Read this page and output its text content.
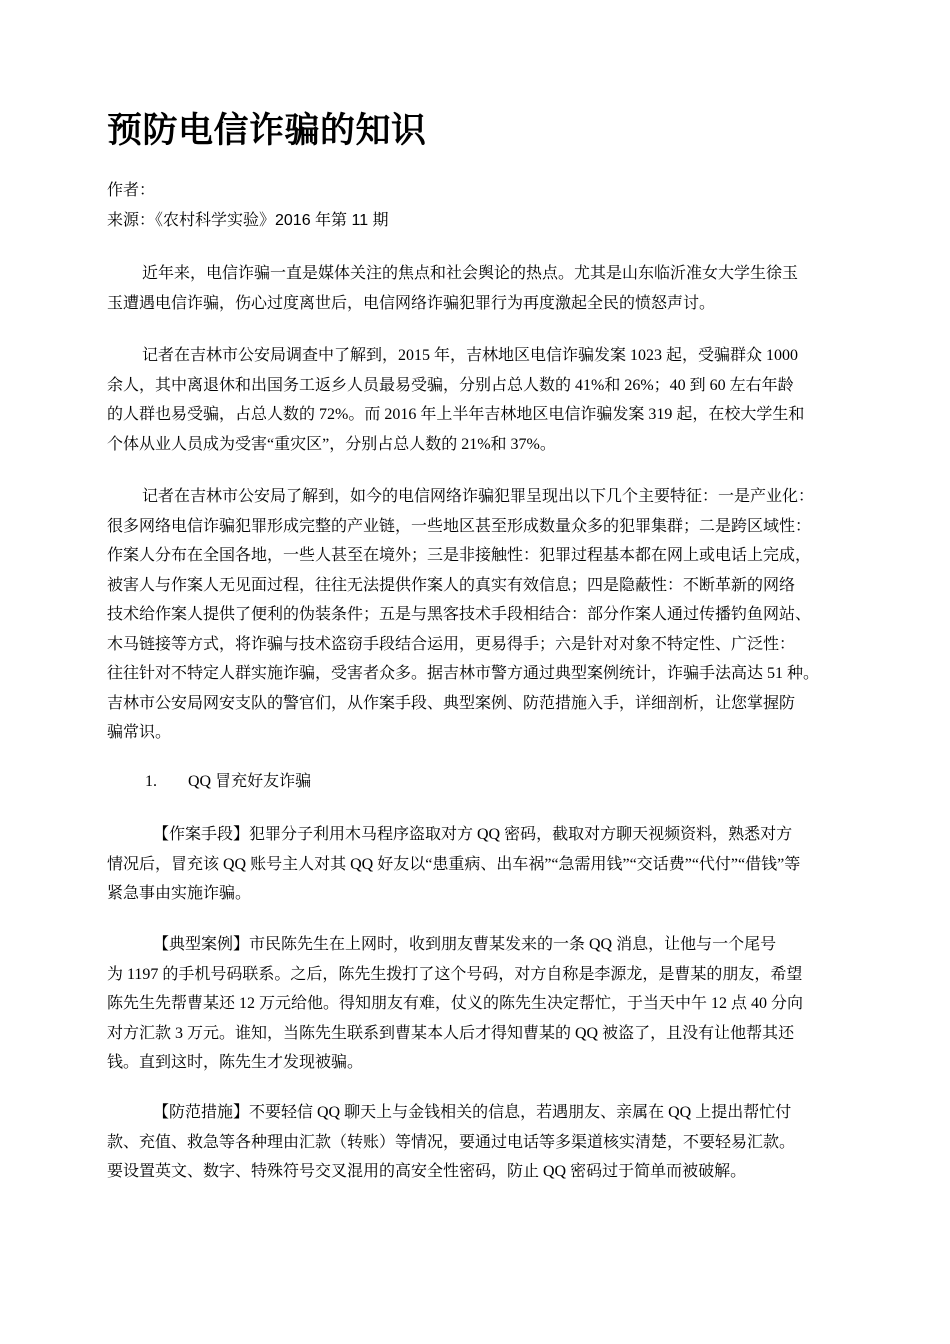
预防电信诈骗的知识
作者：
来源：《农村科学实验》2016 年第 11 期
近年来，电信诈骗一直是媒体关注的焦点和社会舆论的热点。尤其是山东临沂准女大学生徐玉
玉遭遇电信诈骗，伤心过度离世后，电信网络诈骗犯罪行为再度激起全民的愤怒声讨。
记者在吉林市公安局调查中了解到，2015 年，吉林地区电信诈骗发案 1023 起，受骗群众 1000
余人，其中离退休和出国务工返乡人员最易受骗，分别占总人数的 41%和 26%；40 到 60 左右年龄
的人群也易受骗，占总人数的 72%。而 2016 年上半年吉林地区电信诈骗发案 319 起，在校大学生和
个体从业人员成为受害“重灾区”，分别占总人数的 21%和 37%。
记者在吉林市公安局了解到，如今的电信网络诈骗犯罪呈现出以下几个主要特征：一是产业化：
很多网络电信诈骗犯罪形成完整的产业链，一些地区甚至形成数量众多的犯罪集群；二是跨区域性：
作案人分布在全国各地，一些人甚至在境外；三是非接触性：犯罪过程基本都在网上或电话上完成，
被害人与作案人无见面过程，往往无法提供作案人的真实有效信息；四是隐蔽性：不断革新的网络
技术给作案人提供了便利的伪装条件；五是与黑客技术手段相结合：部分作案人通过传播钓鱼网站、
木马链接等方式，将诈骗与技术盗窃手段结合运用，更易得手；六是针对对象不特定性、广泛性：
往往针对不特定人群实施诈骗，受害者众多。据吉林市警方通过典型案例统计，诈骗手法高达 51 种。
吉林市公安局网安支队的警官们，从作案手段、典型案例、防范措施入手，详细剖析，让您掌握防
骗常识。
1. QQ 冒充好友诈骗
【作案手段】犯罪分子利用木马程序盗取对方 QQ 密码，截取对方聊天视频资料，熟悉对方
情况后，冒充该 QQ 账号主人对其 QQ 好友以“患重病、出车祸”“急需用钱”“交话费”“代付”“借钱”等
紧急事由实施诈骗。
【典型案例】市民陈先生在上网时，收到朋友曹某发来的一条 QQ 消息，让他与一个尾号
为 1197 的手机号码联系。之后，陈先生拨打了这个号码，对方自称是李源龙，是曹某的朋友，希望
陈先生先帮曹某还 12 万元给他。得知朋友有难，仗义的陈先生决定帮忙，于当天中午 12 点 40 分向
对方汇款 3 万元。谁知，当陈先生联系到曹某本人后才得知曹某的 QQ 被盗了，且没有让他帮其还
钱。直到这时，陈先生才发现被骗。
【防范措施】不要轻信 QQ 聊天上与金钱相关的信息，若遇朋友、亲属在 QQ 上提出帮忙付
款、充值、救急等各种理由汇款（转账）等情况，要通过电话等多渠道核实清楚，不要轻易汇款。
要设置英文、数字、特殊符号交叉混用的高安全性密码，防止 QQ 密码过于简单而被破解。
